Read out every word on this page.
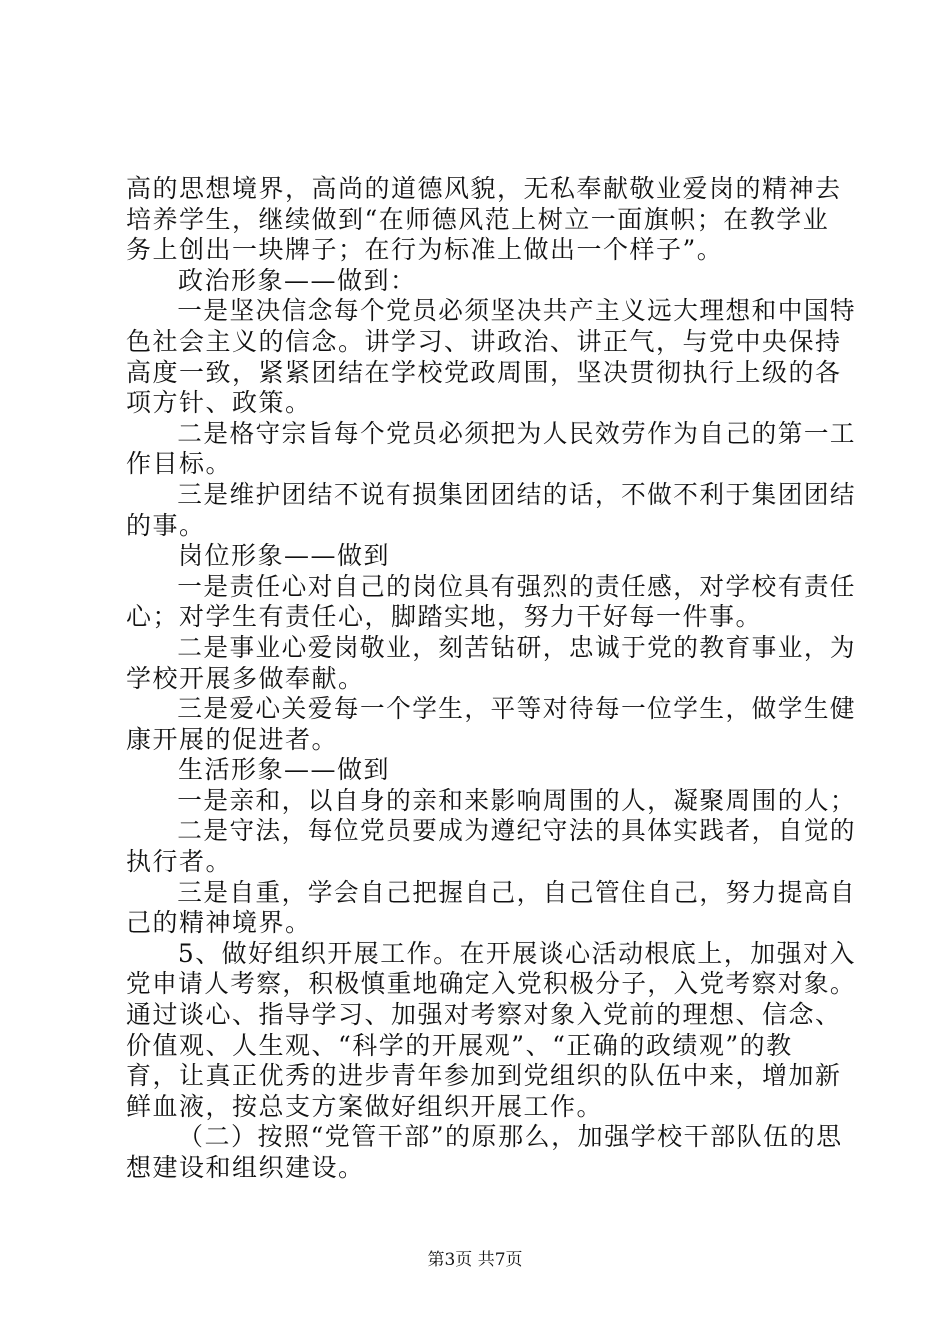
高的思想境界，高尚的道德风貌，无私奉献敬业爱岗的精神去
培养学生，继续做到“在师德风范上树立一面旗帜；在教学业
务上创出一块牌子；在行为标准上做出一个样子”。
政治形象——做到：
一是坚决信念每个党员必须坚决共产主义远大理想和中国特
色社会主义的信念。讲学习、讲政治、讲正气，与党中央保持
高度一致，紧紧团结在学校党政周围，坚决贯彻执行上级的各
项方针、政策。
二是格守宗旨每个党员必须把为人民效劳作为自己的第一工
作目标。
三是维护团结不说有损集团团结的话，不做不利于集团团结
的事。
岗位形象——做到
一是责任心对自己的岗位具有强烈的责任感，对学校有责任
心；对学生有责任心，脚踏实地，努力干好每一件事。
二是事业心爱岗敬业，刻苦钻研，忠诚于党的教育事业，为
学校开展多做奉献。
三是爱心关爱每一个学生，平等对待每一位学生，做学生健
康开展的促进者。
生活形象——做到
一是亲和，以自身的亲和来影响周围的人，凝聚周围的人；
二是守法，每位党员要成为遵纪守法的具体实践者，自觉的
执行者。
三是自重，学会自己把握自己，自己管住自己，努力提高自
己的精神境界。
5、做好组织开展工作。在开展谈心活动根底上，加强对入
党申请人考察，积极慎重地确定入党积极分子，入党考察对象。
通过谈心、指导学习、加强对考察对象入党前的理想、信念、
价值观、人生观、“科学的开展观”、“正确的政绩观”的教
育，让真正优秀的进步青年参加到党组织的队伍中来，增加新
鲜血液，按总支方案做好组织开展工作。
（二）按照“党管干部”的原那么，加强学校干部队伍的思
想建设和组织建设。
第3页 共7页
